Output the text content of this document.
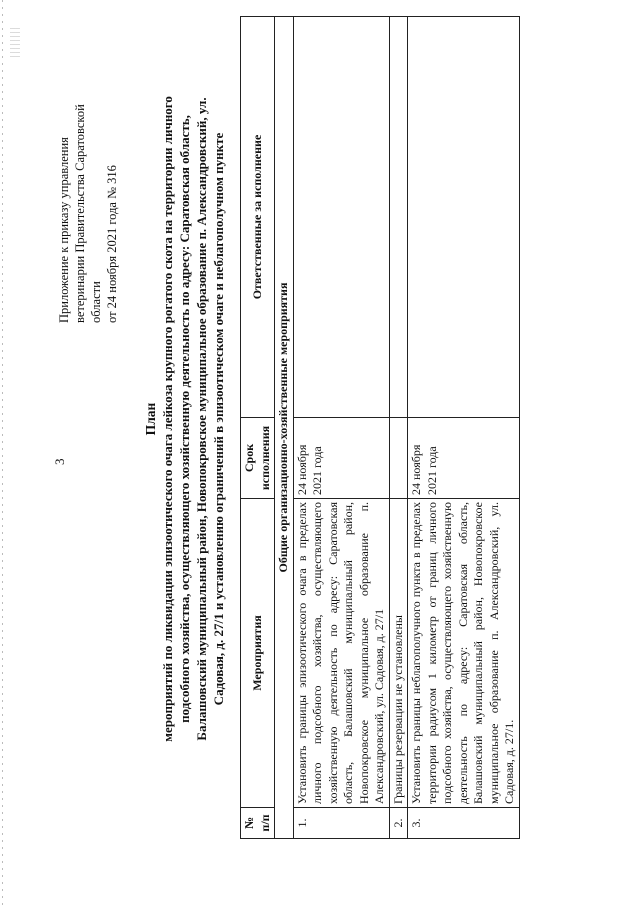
3
Приложение к приказу управления ветеринарии Правительства Саратовской области от 24 ноября 2021 года № 316
План мероприятий по ликвидации эпизоотического очага лейкоза крупного рогатого скота на территории личного подсобного хозяйства, осуществляющего хозяйственную деятельность по адресу: Саратовская область, Балашовский муниципальный район, Новопокровское муниципальное образование п. Александровский, ул. Садовая, д. 27/1 и установлению ограничений в эпизоотическом очаге и неблагополучном пункте
№ п/п	Мероприятия	Срок исполнения	Ответственные за исполнение
Общие организационно-хозяйственные мероприятия			
1.	Установить границы эпизоотического очага в пределах личного подсобного хозяйства, осуществляющего хозяйственную деятельность по адресу: Саратовская область, Балашовский муниципальный район, Новопокровское муниципальное образование п. Александровский, ул. Садовая, д. 27/1	24 ноября 2021 года	
2.	Границы резервации не установлены		
3.	Установить границы неблагополучного пункта в пределах территории радиусом 1 километр от границ личного подсобного хозяйства, осуществляющего хозяйственную деятельность по адресу: Саратовская область, Балашовский муниципальный район, Новопокровское муниципальное образование п. Александровский, ул. Садовая, д. 27/1.	24 ноября 2021 года	
